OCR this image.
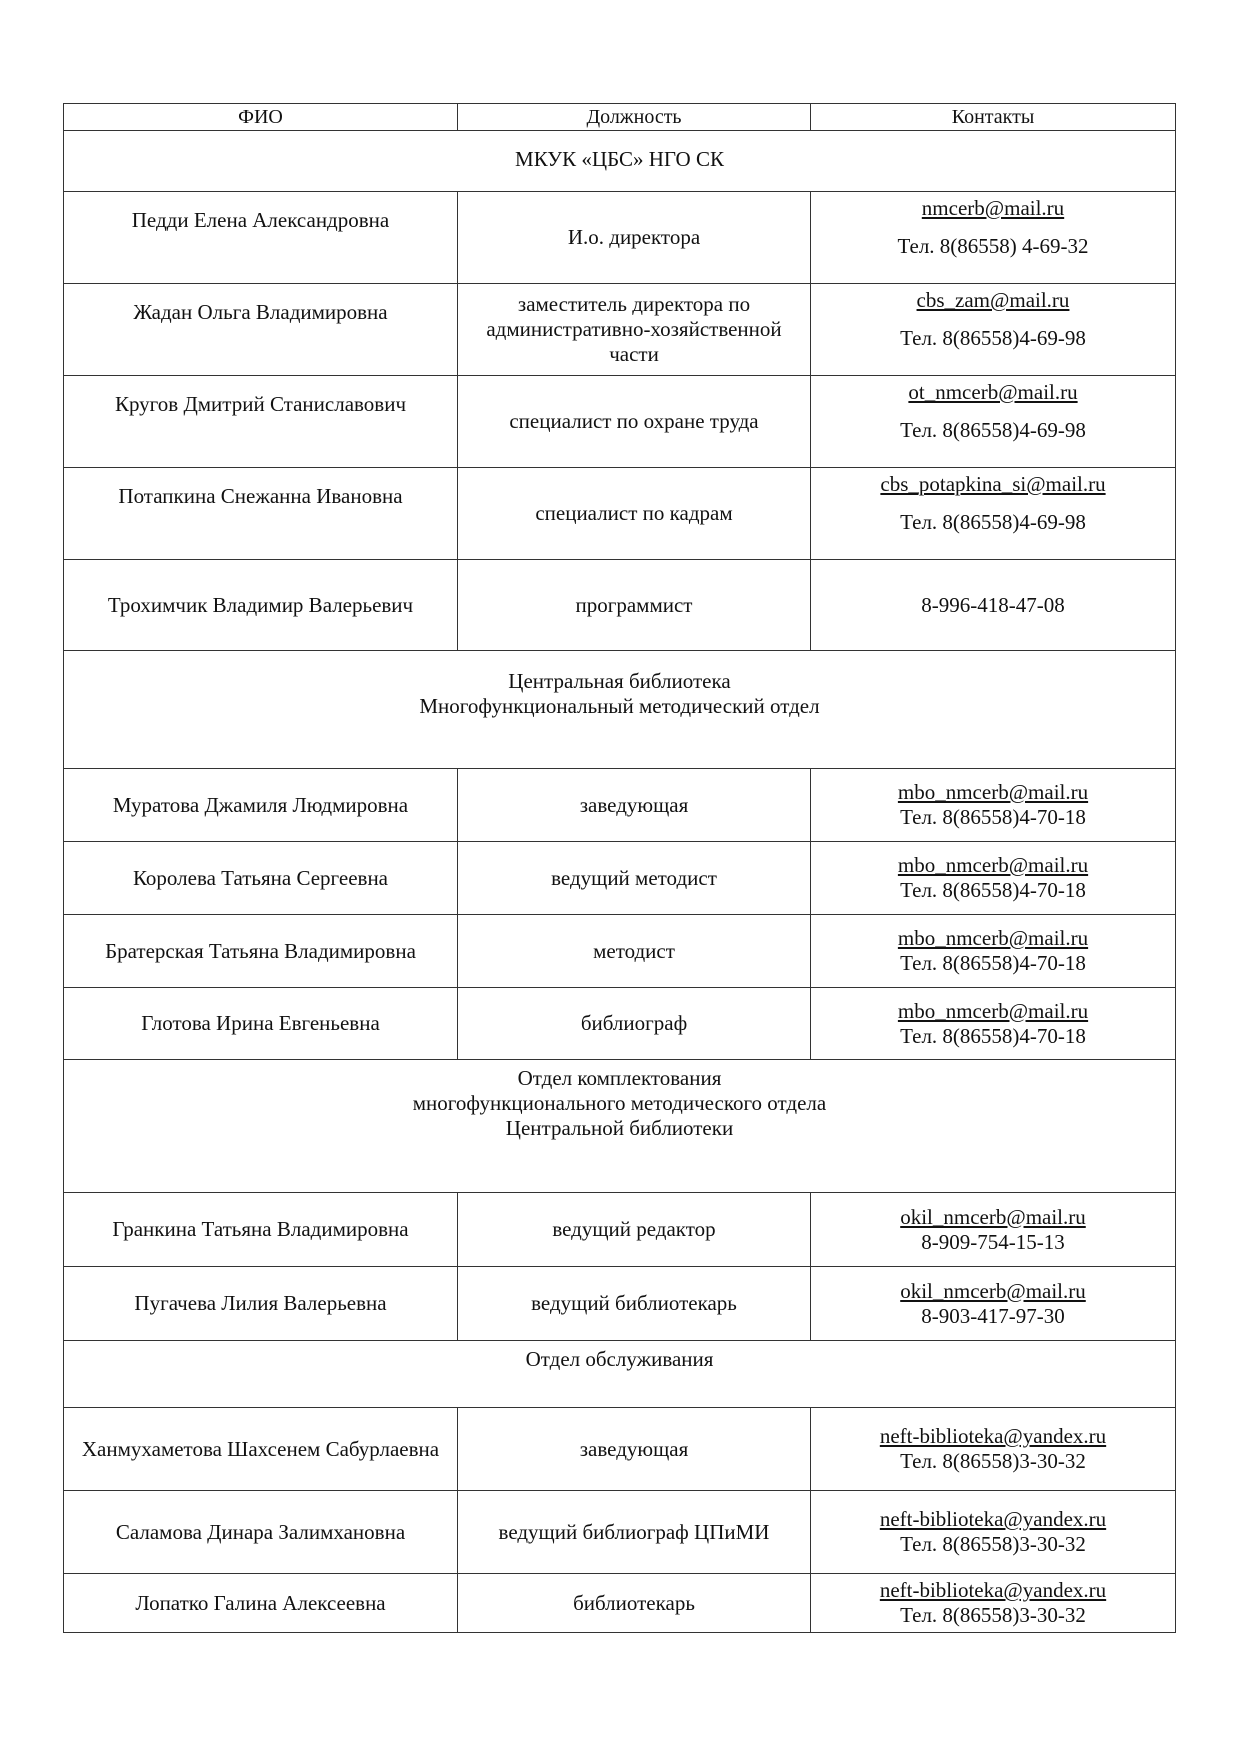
ФИО	Должность	Контакты

МКУК «ЦБС» НГО СК		

Педди Елена Александровна	И.о. директора	nmcerb@mail.ru
Тел. 8(86558) 4-69-32

Жадан Ольга Владимировна	заместитель директора по административно-хозяйственной части	cbs_zam@mail.ru
Тел. 8(86558)4-69-98

Кругов Дмитрий Станиславович	специалист по охране труда	ot_nmcerb@mail.ru
Тел. 8(86558)4-69-98

Потапкина Снежанна Ивановна	специалист по кадрам	cbs_potapkina_si@mail.ru
Тел. 8(86558)4-69-98

Трохимчик Владимир Валерьевич	программист	8-996-418-47-08

Центральная библиотека
Многофункциональный методический отдел		

Муратова Джамиля Людмировна	заведующая	mbo_nmcerb@mail.ru
Тел. 8(86558)4-70-18

Королева Татьяна Сергеевна	ведущий методист	mbo_nmcerb@mail.ru
Тел. 8(86558)4-70-18

Братерская Татьяна Владимировна	методист	mbo_nmcerb@mail.ru
Тел. 8(86558)4-70-18

Глотова Ирина Евгеньевна	библиограф	mbo_nmcerb@mail.ru
Тел. 8(86558)4-70-18

Отдел комплектования
многофункционального методического отдела
Центральной библиотеки		

Гранкина Татьяна Владимировна	ведущий редактор	okil_nmcerb@mail.ru
8-909-754-15-13

Пугачева Лилия Валерьевна	ведущий библиотекарь	okil_nmcerb@mail.ru
8-903-417-97-30

Отдел обслуживания		

Ханмухаметова Шахсенем Сабурлаевна	заведующая	neft-biblioteka@yandex.ru
Тел. 8(86558)3-30-32

Саламова Динара Залимхановна	ведущий библиограф ЦПиМИ	neft-biblioteka@yandex.ru
Тел. 8(86558)3-30-32

Лопатко Галина Алексеевна	библиотекарь	neft-biblioteka@yandex.ru
Тел. 8(86558)3-30-32
